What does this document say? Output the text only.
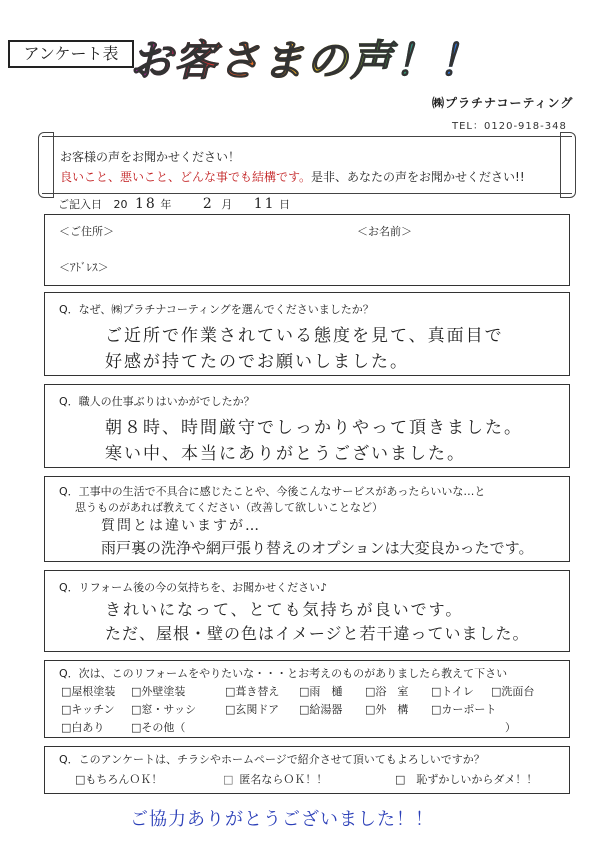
アンケート表 お客さまの声！！
㈱プラチナコーティング
TEL：0120-918-348
お客様の声をお聞かせください！
良いこと、悪いこと、どんな事でも結構です。是非、あなたの声をお聞かせください!!
ご記入日 20 18 年 2 月 11 日
＜ご住所＞	＜お名前＞
＜ｱﾄﾞﾚｽ＞
Q．なぜ、㈱プラチナコーティングを選んでくださいましたか？
ご近所で作業されている態度を見て、真面目で
好感が持てたのでお願いしました。
Q．職人の仕事ぶりはいかがでしたか？
朝８時、時間厳守でしっかりやって頂きました。
寒い中、本当にありがとうございました。
Q．工事中の生活で不具合に感じたことや、今後こんなサービスがあったらいいな…と
思うものがあれば教えてください（改善して欲しいことなど）
質問とは違いますが…
雨戸裏の洗浄や網戸張り替えのオプションは大変良かったです。
Q．リフォーム後の今の気持ちを、お聞かせください♪
きれいになって、とても気持ちが良いです。
ただ、屋根・壁の色はイメージと若干違っていました。
Q．次は、このリフォームをやりたいな・・・とお考えのものがありましたら教えて下さい
□屋根塗装 □外壁塗装	□葺き替え □雨　樋 □浴　室 □トイレ □洗面台
□キッチン □窓・サッシ	□玄関ドア □給湯器 □外　構 □カーポート
□白あり □その他（	）
Q．このアンケートは、チラシやホームページで紹介させて頂いてもよろしいですか？
□もちろんＯＫ！	□ 匿名ならＯＫ！！	□　恥ずかしいからダメ！！
ご協力ありがとうございました！！
